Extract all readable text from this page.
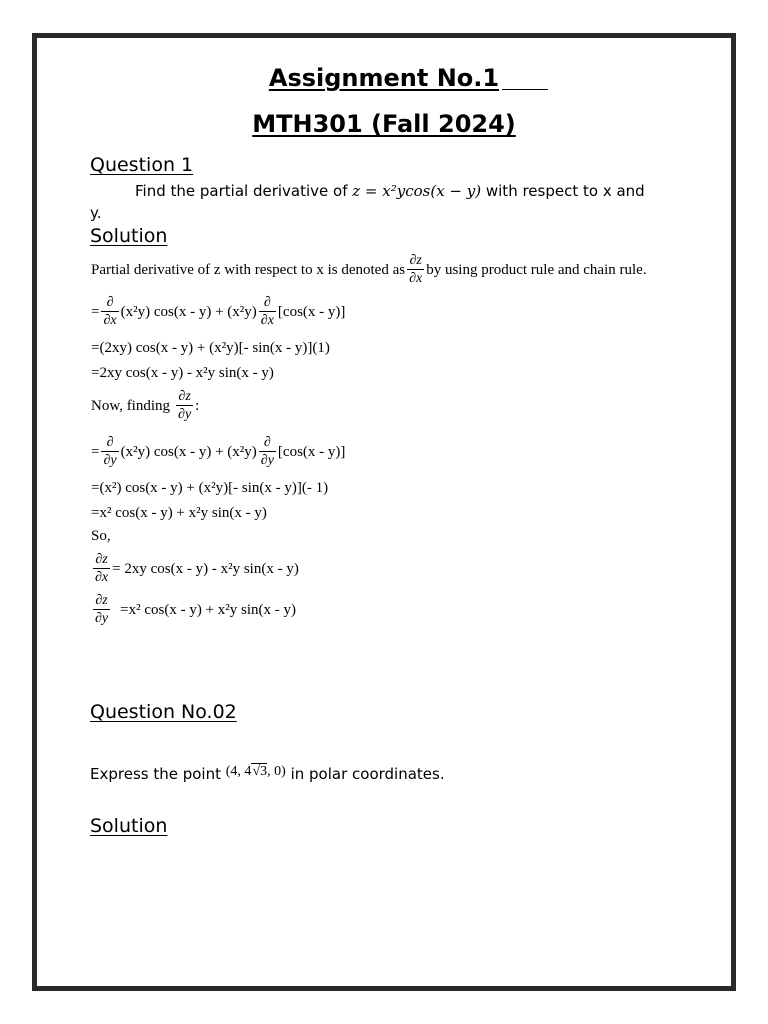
Assignment No.1
MTH301 (Fall 2024)
Question 1
Find the partial derivative of z = x²ycos(x − y) with respect to x and
y.
Solution
Partial derivative of z with respect to x is denoted as $\frac{\partial z}{\partial x}$ by using product rule and chain rule.
= $\frac{\partial}{\partial x} (x^2y)$ $\cos(x - y) + (x^2y) \frac{\partial}{\partial x} [\cos(x - y)]$
=(2xy) cos(x - y) + (x²y)[- sin(x - y)](1)
=2xy cos(x - y) - x²y sin(x - y)
Now, finding $\frac{\partial z}{\partial y}$ :
= $\frac{\partial}{\partial y} (x^2y)$ $\cos(x - y) + (x^2y) \frac{\partial}{\partial y} [\cos(x - y)]$
=(x²) cos(x - y) + (x²y)[- sin(x - y)](- 1)
=x² cos(x - y) + x²y sin(x - y)
So,
$\frac{\partial z}{\partial x} = 2xy$ cos(x - y) - x²y sin(x - y)
$\frac{\partial z}{\partial y} =x^2$ cos(x - y) + x²y sin(x - y)
Question No.02
Express the point (4, 4√3, 0) in polar coordinates.
Solution
